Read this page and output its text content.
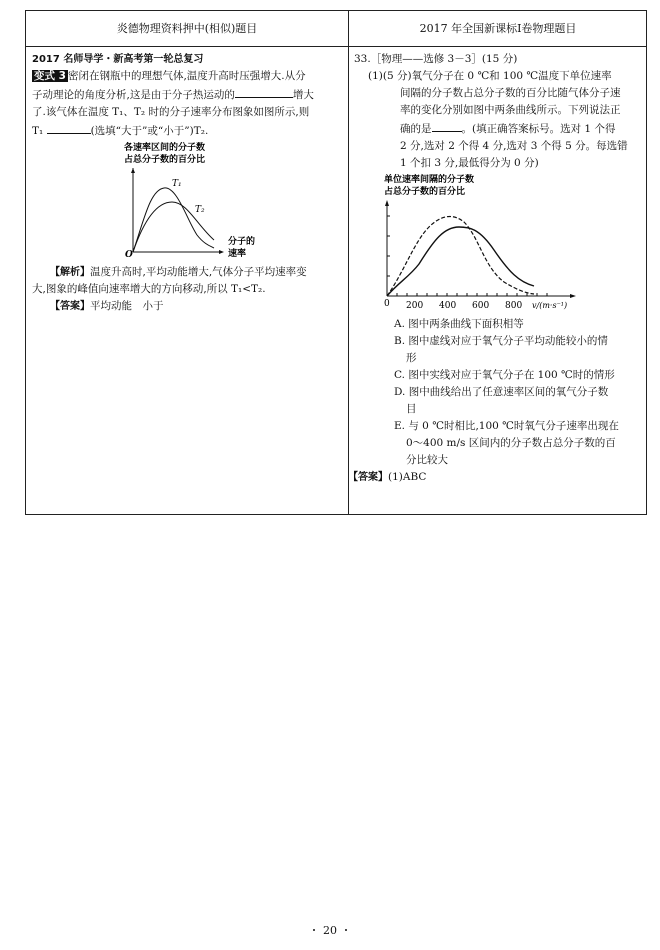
炎德物理资料押中(相似)题目	2017 年全国新课标Ⅰ卷物理题目
2017 名师导学・新高考第一轮总复习
变式 3 密闭在钢瓶中的理想气体,温度升高时压强增大.从分
子动理论的角度分析,这是由于分子热运动的	增大
了.该气体在温度 T₁、T₂ 时的分子速率分布图象如图所示,则
T₁	(选填“大于”或“小于”)T₂.
各速率区间的分子数
占总分子数的百分比
T₁
T₂
O
分子的
速率
【解析】温度升高时,平均动能增大,气体分子平均速率变
大,图象的峰值向速率增大的方向移动,所以 T₁<T₂.
【答案】平均动能　小于
33.［物理——选修 3－3］(15 分)
(1)(5 分)氧气分子在 0 ℃和 100 ℃温度下单位速率
间隔的分子数占总分子数的百分比随气体分子速
率的变化分别如图中两条曲线所示。下列说法正
确的是	。(填正确答案标号。选对 1 个得
2 分,选对 2 个得 4 分,选对 3 个得 5 分。每选错
1 个扣 3 分,最低得分为 0 分)
单位速率间隔的分子数
占总分子数的百分比
0 200 400 600 800 v/(m·s⁻¹)
A. 图中两条曲线下面积相等
B. 图中虚线对应于氧气分子平均动能较小的情
形
C. 图中实线对应于氧气分子在 100 ℃时的情形
D. 图中曲线给出了任意速率区间的氧气分子数
目
E. 与 0 ℃时相比,100 ℃时氧气分子速率出现在
0～400 m/s 区间内的分子数占总分子数的百
分比较大
【答案】(1)ABC
・ 20 ・
